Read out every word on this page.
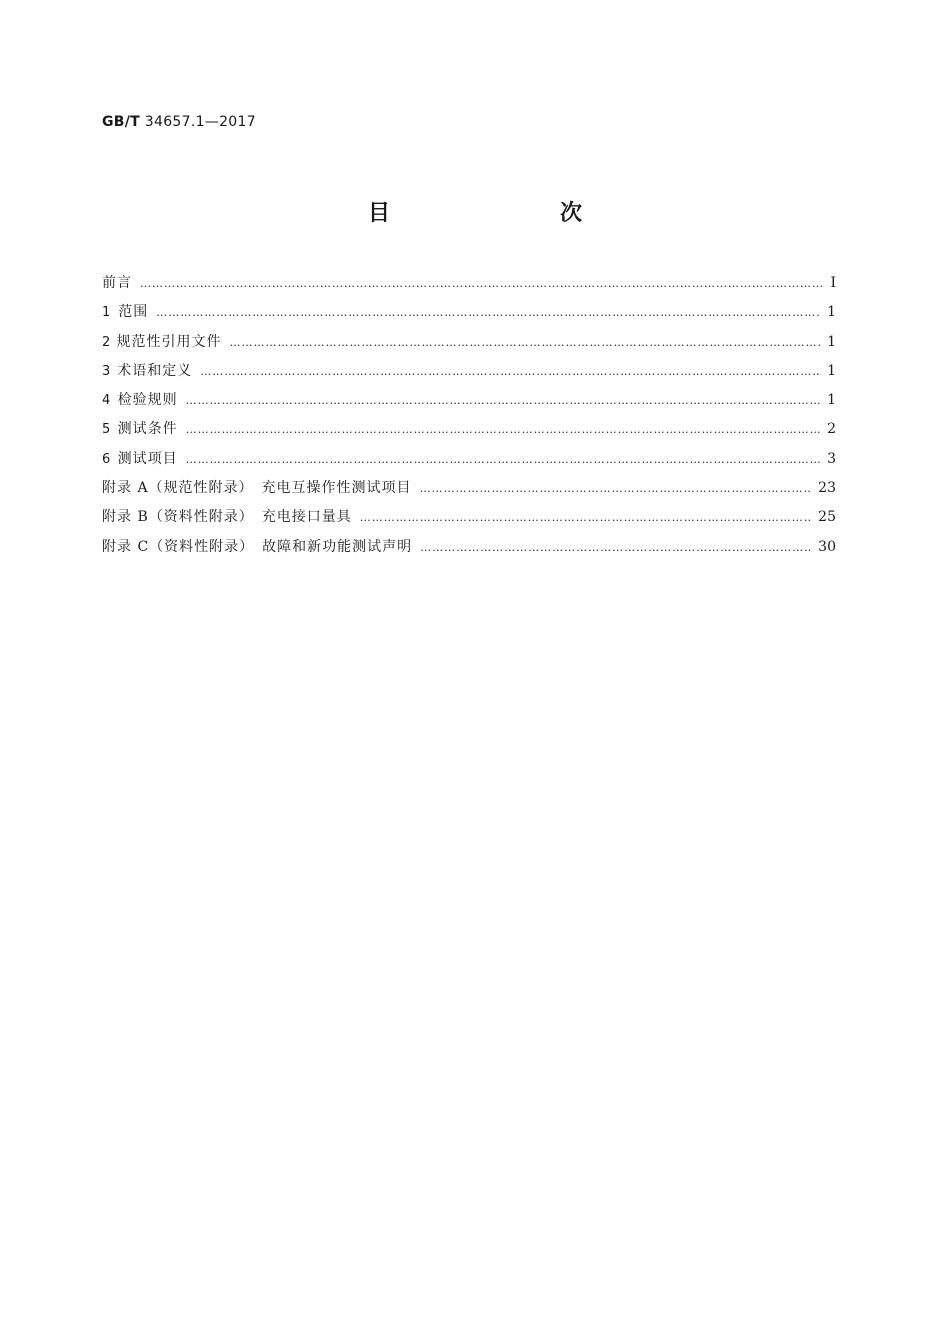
GB/T 34657.1—2017
目　　次
前言 …………………………………………………………………………………………………………………………………………………………………………………………………………………………………	Ⅰ
1 范围 …………………………………………………………………………………………………………………………………………………………………………………………………………………………………	1
2 规范性引用文件 …………………………………………………………………………………………………………………………………………………………………………………………………………………………………	1
3 术语和定义 …………………………………………………………………………………………………………………………………………………………………………………………………………………………………	1
4 检验规则 …………………………………………………………………………………………………………………………………………………………………………………………………………………………………	1
5 测试条件 …………………………………………………………………………………………………………………………………………………………………………………………………………………………………	2
6 测试项目 …………………………………………………………………………………………………………………………………………………………………………………………………………………………………	3
附录 A（规范性附录）　充电互操作性测试项目 …………………………………………………………………………………………………………………………………………………………………………………………………………………………………	23
附录 B（资料性附录）　充电接口量具 …………………………………………………………………………………………………………………………………………………………………………………………………………………………………	25
附录 C（资料性附录）　故障和新功能测试声明 …………………………………………………………………………………………………………………………………………………………………………………………………………………………………	30
